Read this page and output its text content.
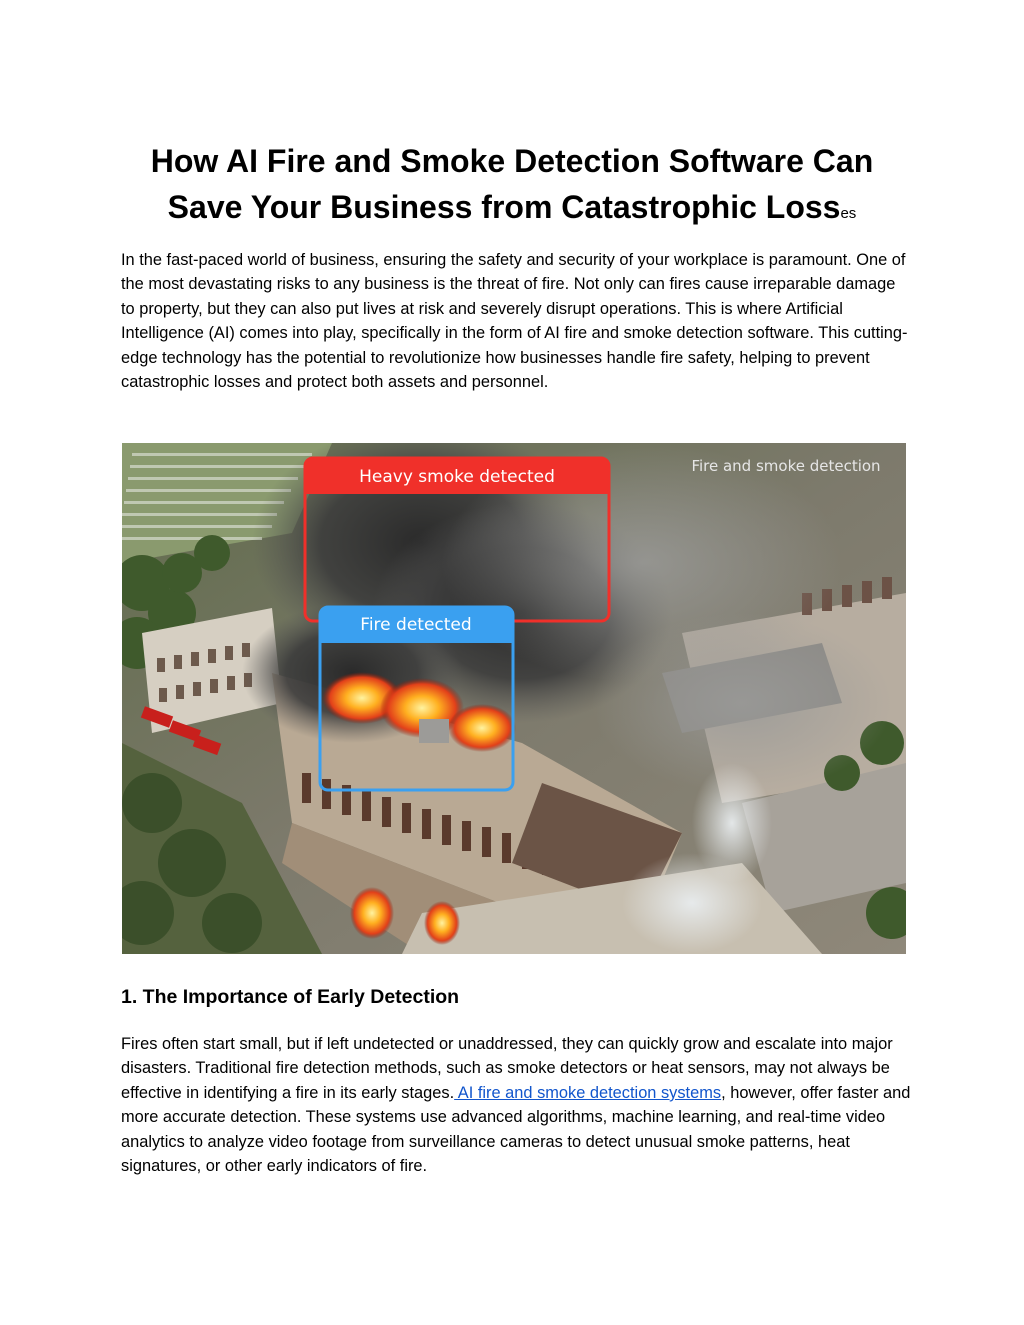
How AI Fire and Smoke Detection Software Can Save Your Business from Catastrophic Losses

In the fast-paced world of business, ensuring the safety and security of your workplace is paramount. One of the most devastating risks to any business is the threat of fire. Not only can fires cause irreparable damage to property, but they can also put lives at risk and severely disrupt operations. This is where Artificial Intelligence (AI) comes into play, specifically in the form of AI fire and smoke detection software. This cutting-edge technology has the potential to revolutionize how businesses handle fire safety, helping to prevent catastrophic losses and protect both assets and personnel.

Fire and smoke detection
Heavy smoke detected
Fire detected
1. The Importance of Early Detection

Fires often start small, but if left undetected or unaddressed, they can quickly grow and escalate into major disasters. Traditional fire detection methods, such as smoke detectors or heat sensors, may not always be effective in identifying a fire in its early stages. AI fire and smoke detection systems, however, offer faster and more accurate detection. These systems use advanced algorithms, machine learning, and real-time video analytics to analyze video footage from surveillance cameras to detect unusual smoke patterns, heat signatures, or other early indicators of fire.
